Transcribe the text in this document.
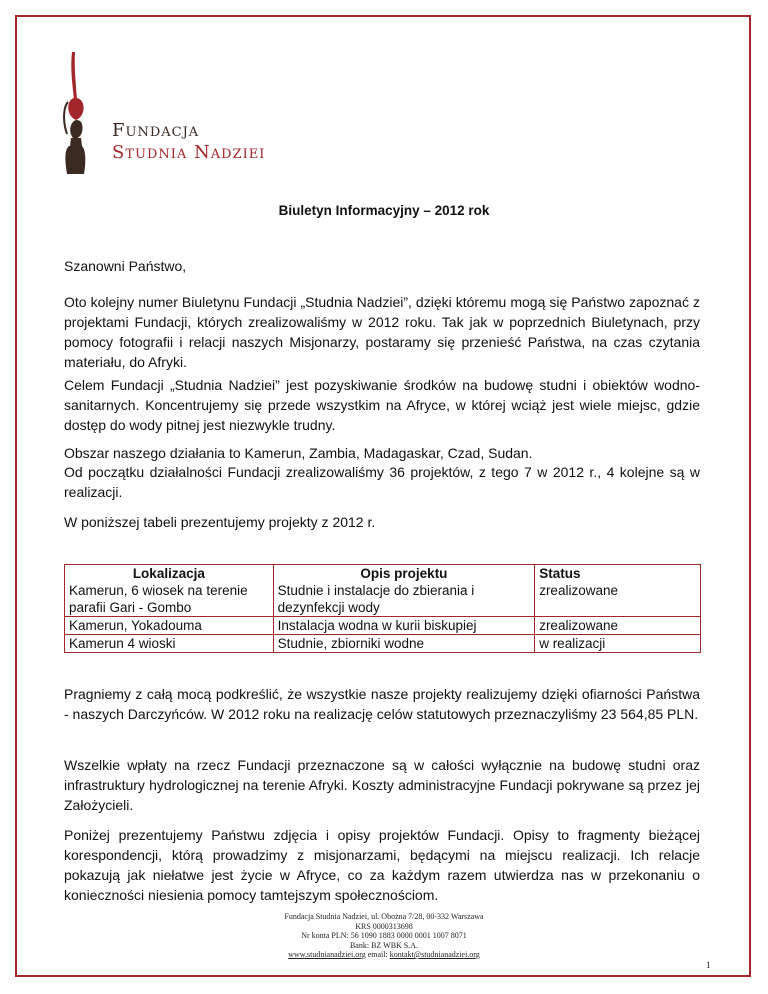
Fundacja
Studnia Nadziei
Biuletyn Informacyjny – 2012 rok
Szanowni Państwo,
Oto kolejny numer Biuletynu Fundacji „Studnia Nadziei”, dzięki któremu mogą się Państwo zapoznać z projektami Fundacji, których zrealizowaliśmy w 2012 roku. Tak jak w poprzednich Biuletynach, przy pomocy fotografii i relacji naszych Misjonarzy, postaramy się przenieść Państwa, na czas czytania materiału, do Afryki.
Celem Fundacji „Studnia Nadziei” jest pozyskiwanie środków na budowę studni i obiektów wodno-sanitarnych. Koncentrujemy się przede wszystkim na Afryce, w której wciąż jest wiele miejsc, gdzie dostęp do wody pitnej jest niezwykle trudny.
Obszar naszego działania to Kamerun, Zambia, Madagaskar, Czad, Sudan.
Od początku działalności Fundacji zrealizowaliśmy 36 projektów, z tego 7 w 2012 r., 4 kolejne są w realizacji.
W poniższej tabeli prezentujemy projekty z 2012 r.
Lokalizacja	Opis projektu	Status
Kamerun, 6 wiosek na terenie parafii Gari - Gombo	Studnie i instalacje do zbierania i dezynfekcji wody	zrealizowane
Kamerun, Yokadouma	Instalacja wodna w kurii biskupiej	zrealizowane
Kamerun 4 wioski	Studnie, zbiorniki wodne	w realizacji
Pragniemy z całą mocą podkreślić, że wszystkie nasze projekty realizujemy dzięki ofiarności Państwa - naszych Darczyńców. W 2012 roku na realizację celów statutowych przeznaczyliśmy 23 564,85 PLN.
Wszelkie wpłaty na rzecz Fundacji przeznaczone są w całości wyłącznie na budowę studni oraz infrastruktury hydrologicznej na terenie Afryki. Koszty administracyjne Fundacji pokrywane są przez jej Założycieli.
Poniżej prezentujemy Państwu zdjęcia i opisy projektów Fundacji. Opisy to fragmenty bieżącej korespondencji, którą prowadzimy z misjonarzami, będącymi na miejscu realizacji. Ich relacje pokazują jak niełatwe jest życie w Afryce, co za każdym razem utwierdza nas w przekonaniu o konieczności niesienia pomocy tamtejszym społecznościom.
Fundacja Studnia Nadziei, ul. Obożna 7/28, 00-332 Warszawa
KRS 0000313698
Nr konta PLN: 56 1090 1883 0000 0001 1007 8071
Bank: BZ WBK S.A.
www.studnianadziei.org email: kontakt@studnianadziei.org
1
